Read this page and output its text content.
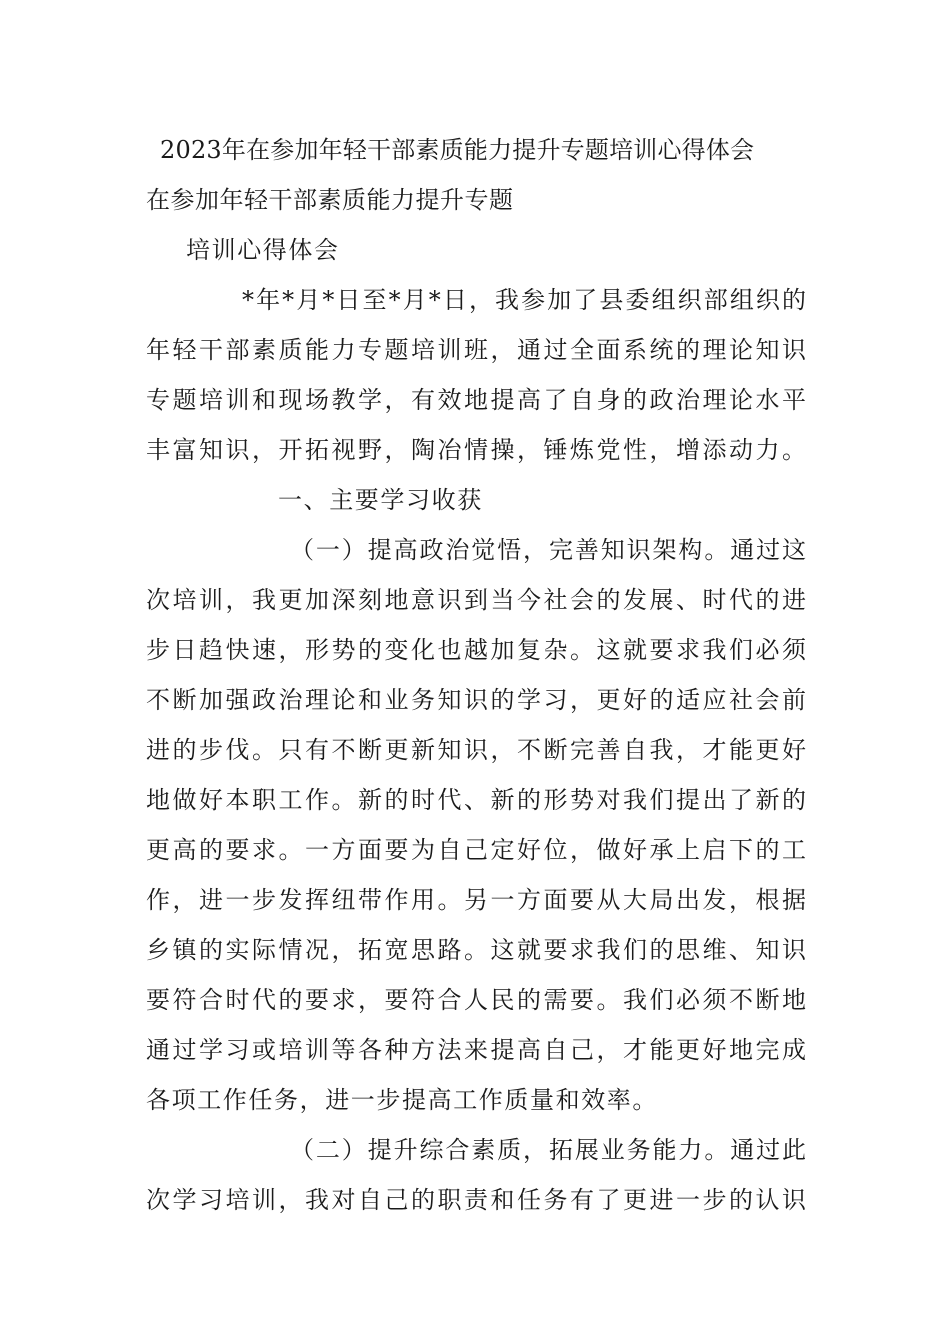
2023年在参加年轻干部素质能力提升专题培训心得体会
在参加年轻干部素质能力提升专题
培训心得体会
*年*月*日至*月*日，我参加了县委组织部组织的
年轻干部素质能力专题培训班，通过全面系统的理论知识
专题培训和现场教学，有效地提高了自身的政治理论水平
丰富知识，开拓视野，陶冶情操，锤炼党性，增添动力。
一、主要学习收获
（一）提高政治觉悟，完善知识架构。通过这
次培训，我更加深刻地意识到当今社会的发展、时代的进
步日趋快速，形势的变化也越加复杂。这就要求我们必须
不断加强政治理论和业务知识的学习，更好的适应社会前
进的步伐。只有不断更新知识，不断完善自我，才能更好
地做好本职工作。新的时代、新的形势对我们提出了新的
更高的要求。一方面要为自己定好位，做好承上启下的工
作，进一步发挥纽带作用。另一方面要从大局出发，根据
乡镇的实际情况，拓宽思路。这就要求我们的思维、知识
要符合时代的要求，要符合人民的需要。我们必须不断地
通过学习或培训等各种方法来提高自己，才能更好地完成
各项工作任务，进一步提高工作质量和效率。
（二）提升综合素质，拓展业务能力。通过此
次学习培训，我对自己的职责和任务有了更进一步的认识
